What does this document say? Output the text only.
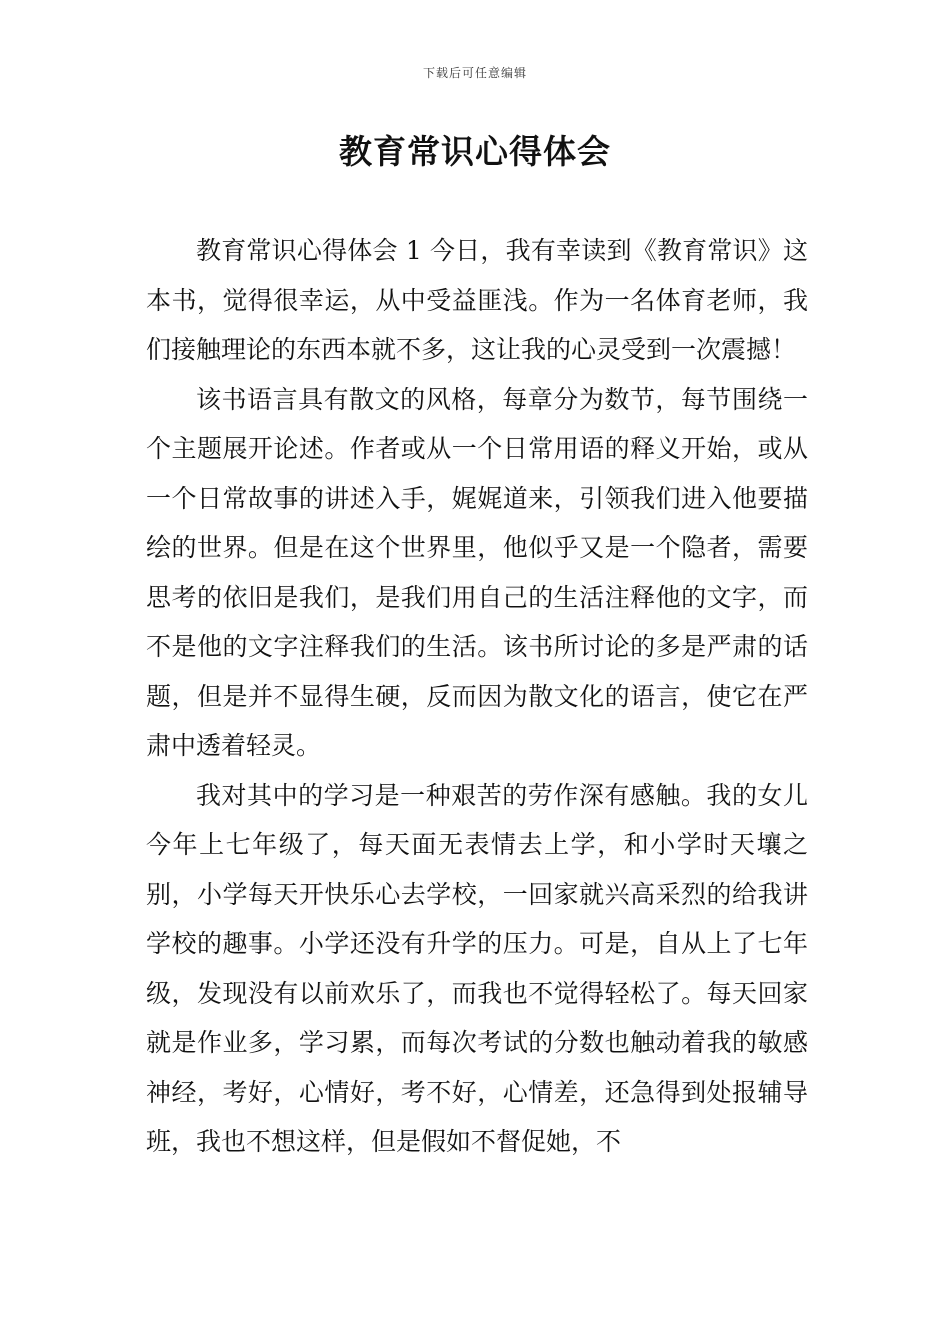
下载后可任意编辑
教育常识心得体会

教育常识心得体会 1 今日，我有幸读到《教育常识》这本书，觉得很幸运，从中受益匪浅。作为一名体育老师，我们接触理论的东西本就不多，这让我的心灵受到一次震撼！

该书语言具有散文的风格，每章分为数节，每节围绕一个主题展开论述。作者或从一个日常用语的释义开始，或从一个日常故事的讲述入手，娓娓道来，引领我们进入他要描绘的世界。但是在这个世界里，他似乎又是一个隐者，需要思考的依旧是我们，是我们用自己的生活注释他的文字，而不是他的文字注释我们的生活。该书所讨论的多是严肃的话题，但是并不显得生硬，反而因为散文化的语言，使它在严肃中透着轻灵。

我对其中的学习是一种艰苦的劳作深有感触。我的女儿今年上七年级了，每天面无表情去上学，和小学时天壤之别，小学每天开快乐心去学校，一回家就兴高采烈的给我讲学校的趣事。小学还没有升学的压力。可是，自从上了七年级，发现没有以前欢乐了，而我也不觉得轻松了。每天回家就是作业多，学习累，而每次考试的分数也触动着我的敏感神经，考好，心情好，考不好，心情差，还急得到处报辅导班，我也不想这样，但是假如不督促她，不
